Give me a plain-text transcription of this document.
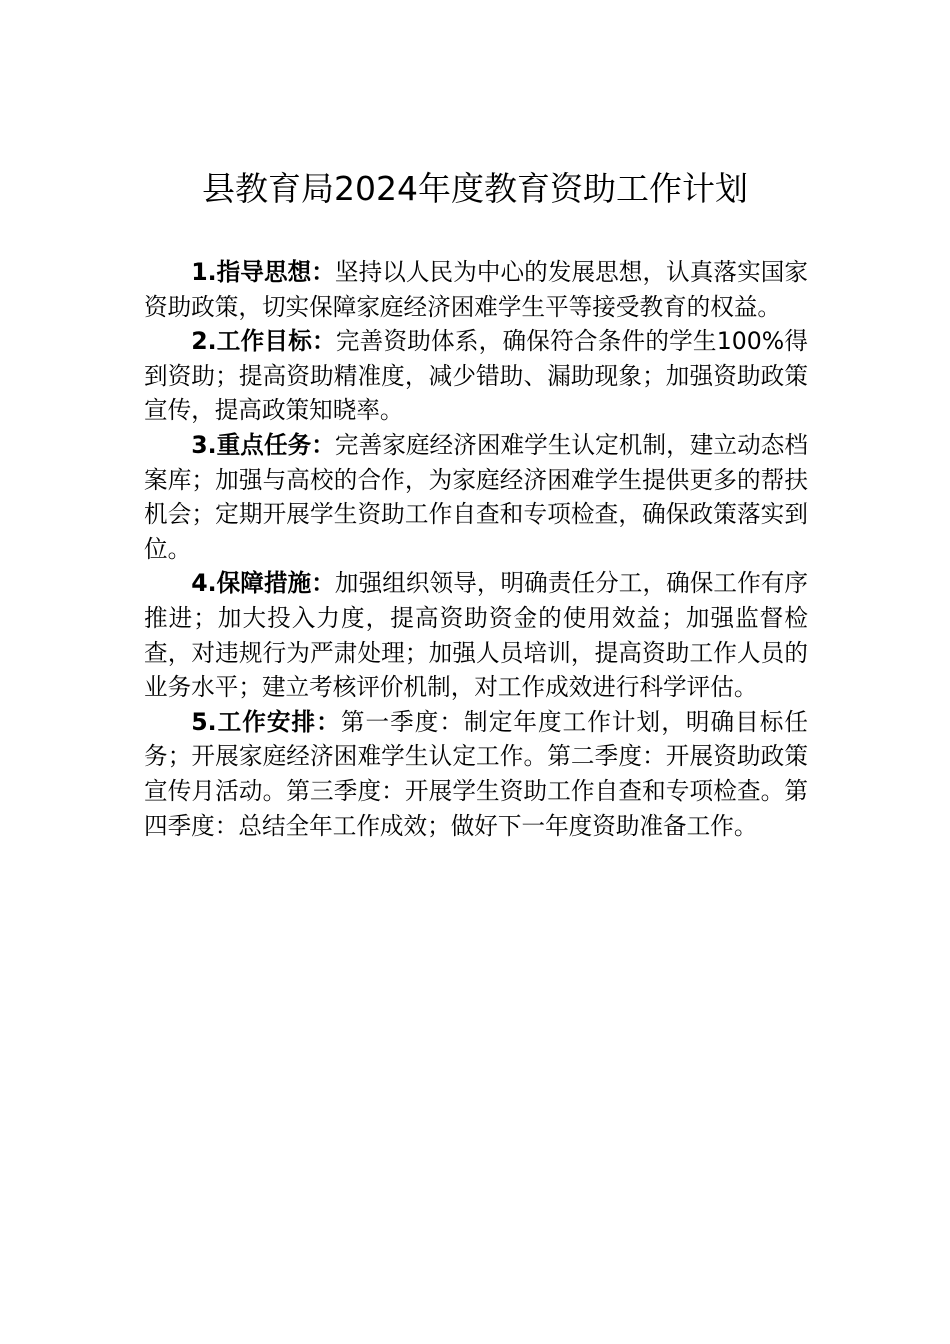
县教育局2024年度教育资助工作计划

1.指导思想：坚持以人民为中心的发展思想，认真落实国家资助政策，切实保障家庭经济困难学生平等接受教育的权益。

2.工作目标：完善资助体系，确保符合条件的学生100%得到资助；提高资助精准度，减少错助、漏助现象；加强资助政策宣传，提高政策知晓率。

3.重点任务：完善家庭经济困难学生认定机制，建立动态档案库；加强与高校的合作，为家庭经济困难学生提供更多的帮扶机会；定期开展学生资助工作自查和专项检查，确保政策落实到位。

4.保障措施：加强组织领导，明确责任分工，确保工作有序推进；加大投入力度，提高资助资金的使用效益；加强监督检查，对违规行为严肃处理；加强人员培训，提高资助工作人员的业务水平；建立考核评价机制，对工作成效进行科学评估。

5.工作安排：第一季度：制定年度工作计划，明确目标任务；开展家庭经济困难学生认定工作。第二季度：开展资助政策宣传月活动。第三季度：开展学生资助工作自查和专项检查。第四季度：总结全年工作成效；做好下一年度资助准备工作。
